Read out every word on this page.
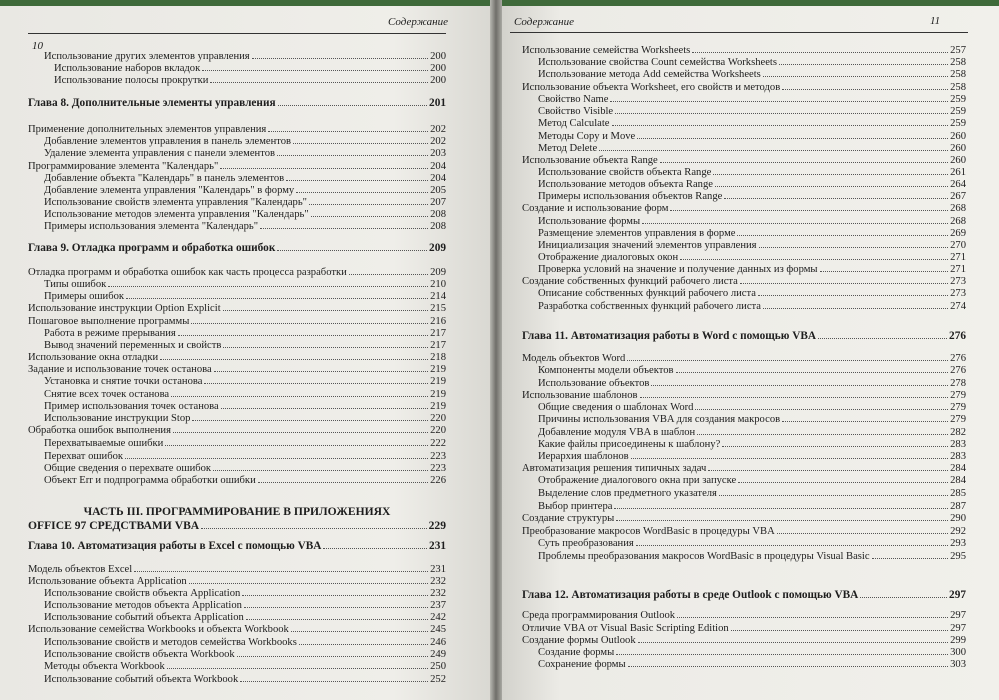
Содержание
10
Использование других элементов управления	200
Использование наборов вкладок	200
Использование полосы прокрутки	200
Глава 8. Дополнительные элементы управления	201
Применение дополнительных элементов управления	202
Добавление элементов управления в панель элементов	202
Удаление элемента управления с панели элементов	203
Программирование элемента "Календарь"	204
Добавление объекта "Календарь" в панель элементов	204
Добавление элемента управления "Календарь" в форму	205
Использование свойств элемента управления "Календарь"	207
Использование методов элемента управления "Календарь"	208
Примеры использования элемента "Календарь"	208
Глава 9. Отладка программ и обработка ошибок	209
Отладка программ и обработка ошибок как часть процесса разработки	209
Типы ошибок	210
Примеры ошибок	214
Использование инструкции Option Explicit	215
Пошаговое выполнение программы	216
Работа в режиме прерывания	217
Вывод значений переменных и свойств	217
Использование окна отладки	218
Задание и использование точек останова	219
Установка и снятие точки останова	219
Снятие всех точек останова	219
Пример использования точек останова	219
Использование инструкции Stop	220
Обработка ошибок выполнения	220
Перехватываемые ошибки	222
Перехват ошибок	223
Общие сведения о перехвате ошибок	223
Объект Err и подпрограмма обработки ошибки	226
ЧАСТЬ III. ПРОГРАММИРОВАНИЕ В ПРИЛОЖЕНИЯХ
OFFICE 97 СРЕДСТВАМИ VBA	229
Глава 10. Автоматизация работы в Excel с помощью VBA	231
Модель объектов Excel	231
Использование объекта Application	232
Использование свойств объекта Application	232
Использование методов объекта Application	237
Использование событий объекта Application	242
Использование семейства Workbooks и объекта Workbook	245
Использование свойств и методов семейства Workbooks	246
Использование свойств объекта Workbook	249
Методы объекта Workbook	250
Использование событий объекта Workbook	252
Содержание	11
Использование семейства Worksheets	257
Использование свойства Count семейства Worksheets	258
Использование метода Add семейства Worksheets	258
Использование объекта Worksheet, его свойств и методов	258
Свойство Name	259
Свойство Visible	259
Метод Calculate	259
Методы Copy и Move	260
Метод Delete	260
Использование объекта Range	260
Использование свойств объекта Range	261
Использование методов объекта Range	264
Примеры использования объектов Range	267
Создание и использование форм	268
Использование формы	268
Размещение элементов управления в форме	269
Инициализация значений элементов управления	270
Отображение диалоговых окон	271
Проверка условий на значение и получение данных из формы	271
Создание собственных функций рабочего листа	273
Описание собственных функций рабочего листа	273
Разработка собственных функций рабочего листа	274
Глава 11. Автоматизация работы в Word с помощью VBA	276
Модель объектов Word	276
Компоненты модели объектов	276
Использование объектов	278
Использование шаблонов	279
Общие сведения о шаблонах Word	279
Причины использования VBA для создания макросов	279
Добавление модуля VBA в шаблон	282
Какие файлы присоединены к шаблону?	283
Иерархия шаблонов	283
Автоматизация решения типичных задач	284
Отображение диалогового окна при запуске	284
Выделение слов предметного указателя	285
Выбор принтера	287
Создание структуры	290
Преобразование макросов WordBasic в процедуры VBA	292
Суть преобразования	293
Проблемы преобразования макросов WordBasic в процедуры Visual Basic	295
Глава 12. Автоматизация работы в среде Outlook с помощью VBA	297
Среда программирования Outlook	297
Отличие VBA от Visual Basic Scripting Edition	297
Создание формы Outlook	299
Создание формы	300
Сохранение формы	303
